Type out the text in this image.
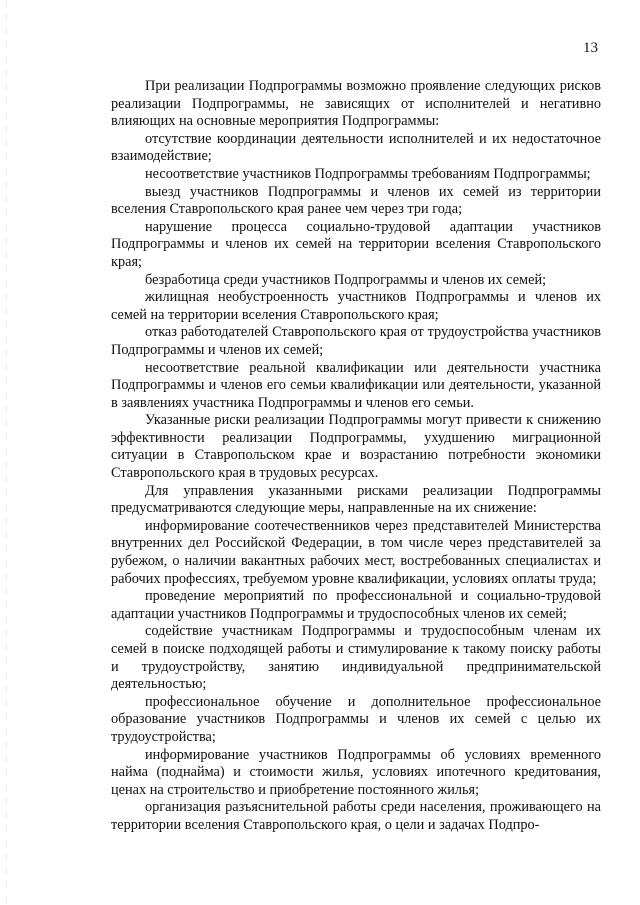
13

При реализации Подпрограммы возможно проявление следующих рисков реализации Подпрограммы, не зависящих от исполнителей и негативно влияющих на основные мероприятия Подпрограммы:

отсутствие координации деятельности исполнителей и их недостаточное взаимодействие;

несоответствие участников Подпрограммы требованиям Подпрограммы;

выезд участников Подпрограммы и членов их семей из территории вселения Ставропольского края ранее чем через три года;

нарушение процесса социально-трудовой адаптации участников Подпрограммы и членов их семей на территории вселения Ставропольского края;

безработица среди участников Подпрограммы и членов их семей;

жилищная необустроенность участников Подпрограммы и членов их семей на территории вселения Ставропольского края;

отказ работодателей Ставропольского края от трудоустройства участников Подпрограммы и членов их семей;

несоответствие реальной квалификации или деятельности участника Подпрограммы и членов его семьи квалификации или деятельности, указанной в заявлениях участника Подпрограммы и членов его семьи.

Указанные риски реализации Подпрограммы могут привести к снижению эффективности реализации Подпрограммы, ухудшению миграционной ситуации в Ставропольском крае и возрастанию потребности экономики Ставропольского края в трудовых ресурсах.

Для управления указанными рисками реализации Подпрограммы предусматриваются следующие меры, направленные на их снижение:

информирование соотечественников через представителей Министерства внутренних дел Российской Федерации, в том числе через представителей за рубежом, о наличии вакантных рабочих мест, востребованных специалистах и рабочих профессиях, требуемом уровне квалификации, условиях оплаты труда;

проведение мероприятий по профессиональной и социально-трудовой адаптации участников Подпрограммы и трудоспособных членов их семей;

содействие участникам Подпрограммы и трудоспособным членам их семей в поиске подходящей работы и стимулирование к такому поиску работы и трудоустройству, занятию индивидуальной предпринимательской деятельностью;

профессиональное обучение и дополнительное профессиональное образование участников Подпрограммы и членов их семей с целью их трудоустройства;

информирование участников Подпрограммы об условиях временного найма (поднайма) и стоимости жилья, условиях ипотечного кредитования, ценах на строительство и приобретение постоянного жилья;

организация разъяснительной работы среди населения, проживающего на территории вселения Ставропольского края, о цели и задачах Подпро-
